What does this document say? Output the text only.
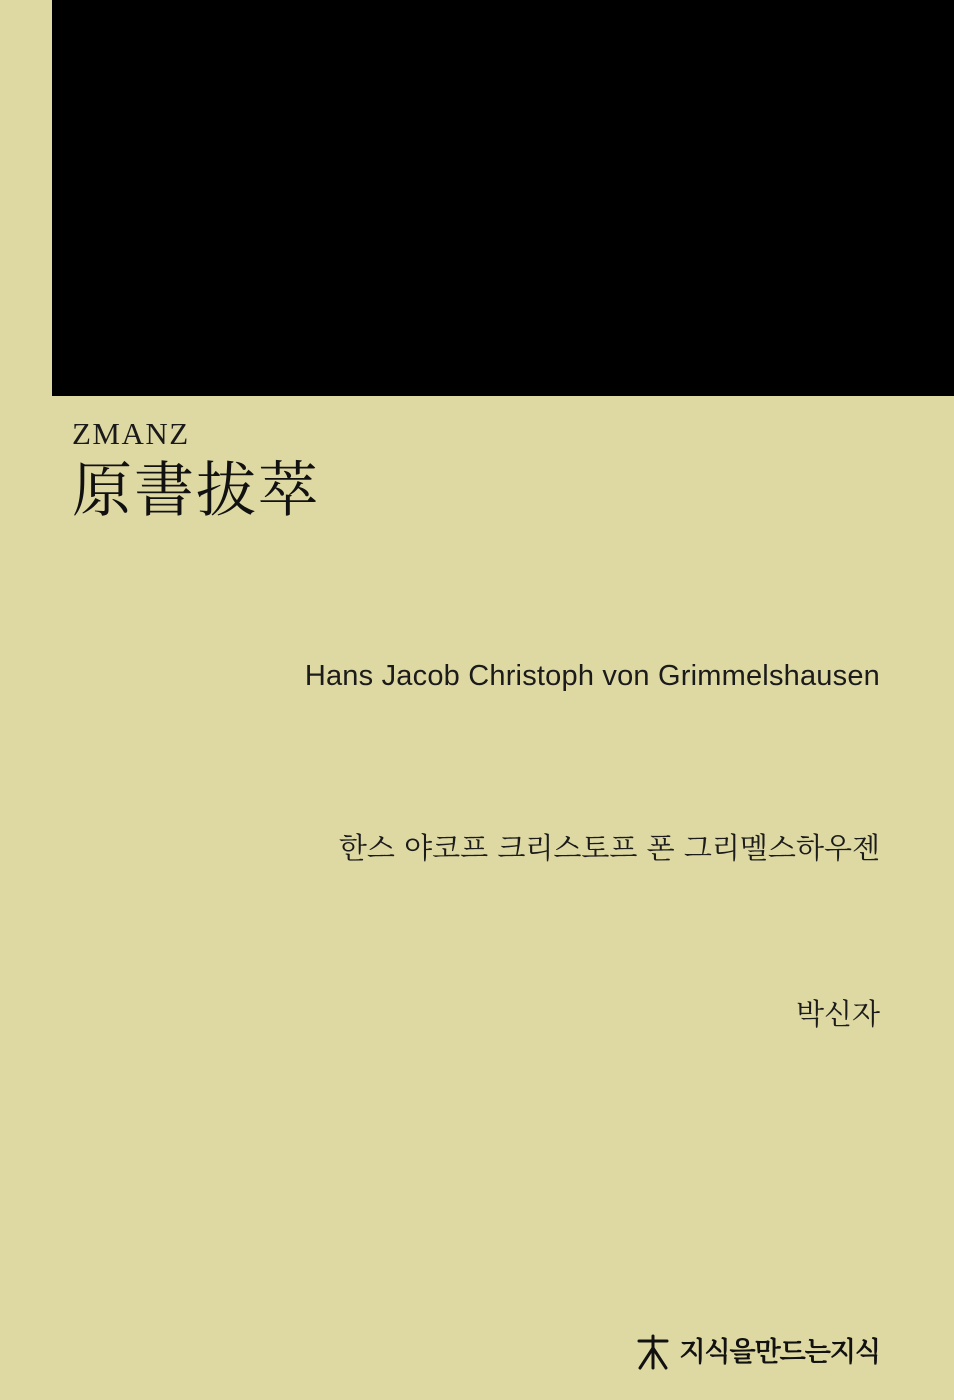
ZMANZ
原書拔萃
Hans Jacob Christoph von Grimmelshausen
한스 야코프 크리스토프 폰 그리멜스하우젠
박신자
지식을만드는지식
